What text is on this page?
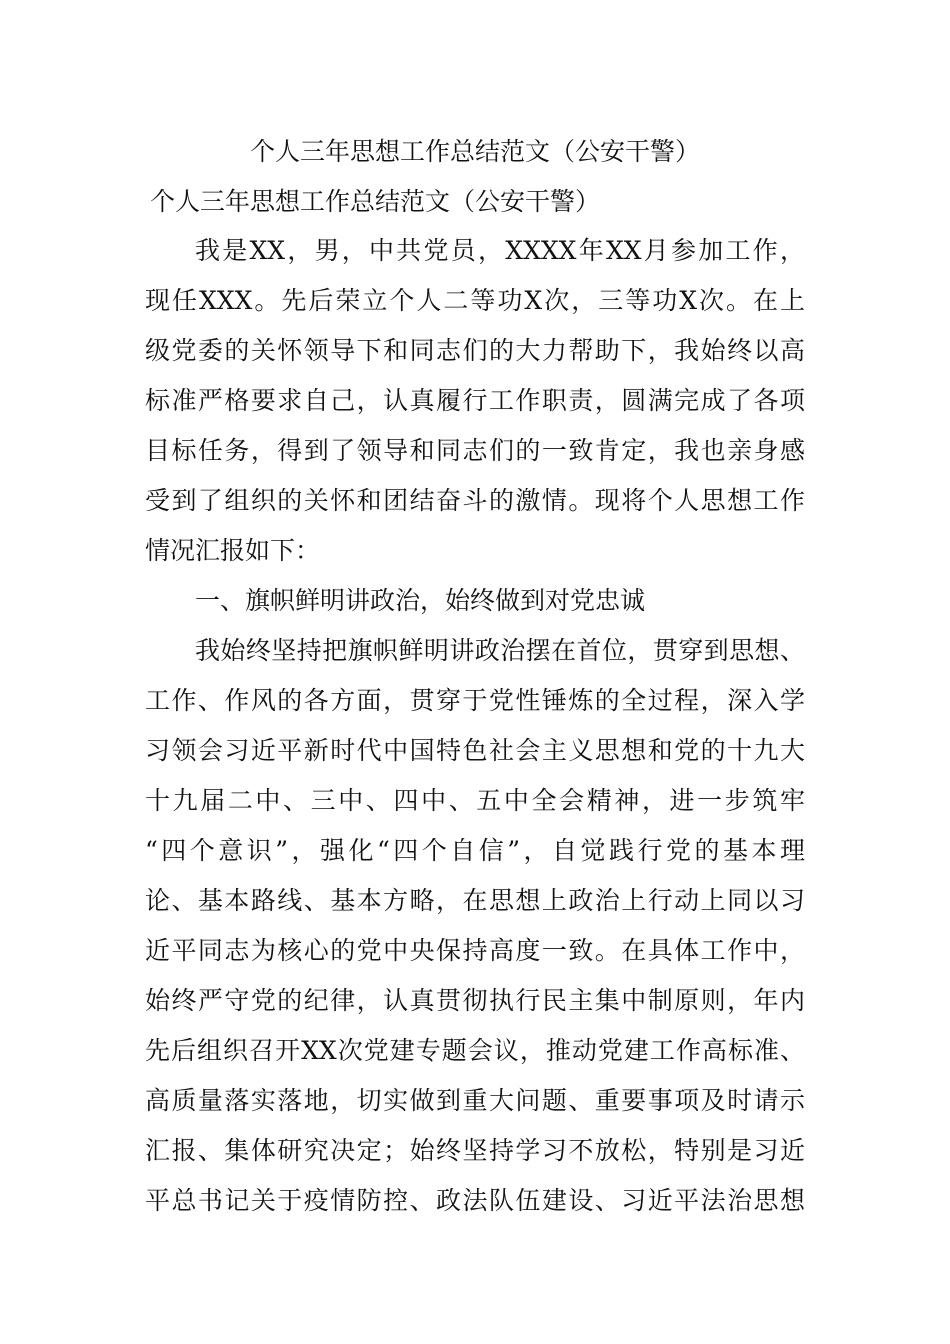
个人三年思想工作总结范文（公安干警）
个人三年思想工作总结范文（公安干警）
我是XX，男，中共党员，XXXX年XX月参加工作，
现任XXX。先后荣立个人二等功X次，三等功X次。在上
级党委的关怀领导下和同志们的大力帮助下，我始终以高
标准严格要求自己，认真履行工作职责，圆满完成了各项
目标任务，得到了领导和同志们的一致肯定，我也亲身感
受到了组织的关怀和团结奋斗的激情。现将个人思想工作
情况汇报如下：
一、旗帜鲜明讲政治，始终做到对党忠诚
我始终坚持把旗帜鲜明讲政治摆在首位，贯穿到思想、
工作、作风的各方面，贯穿于党性锤炼的全过程，深入学
习领会习近平新时代中国特色社会主义思想和党的十九大
十九届二中、三中、四中、五中全会精神，进一步筑牢
“四个意识”，强化“四个自信”，自觉践行党的基本理
论、基本路线、基本方略，在思想上政治上行动上同以习
近平同志为核心的党中央保持高度一致。在具体工作中，
始终严守党的纪律，认真贯彻执行民主集中制原则，年内
先后组织召开XX次党建专题会议，推动党建工作高标准、
高质量落实落地，切实做到重大问题、重要事项及时请示
汇报、集体研究决定；始终坚持学习不放松，特别是习近
平总书记关于疫情防控、政法队伍建设、习近平法治思想
